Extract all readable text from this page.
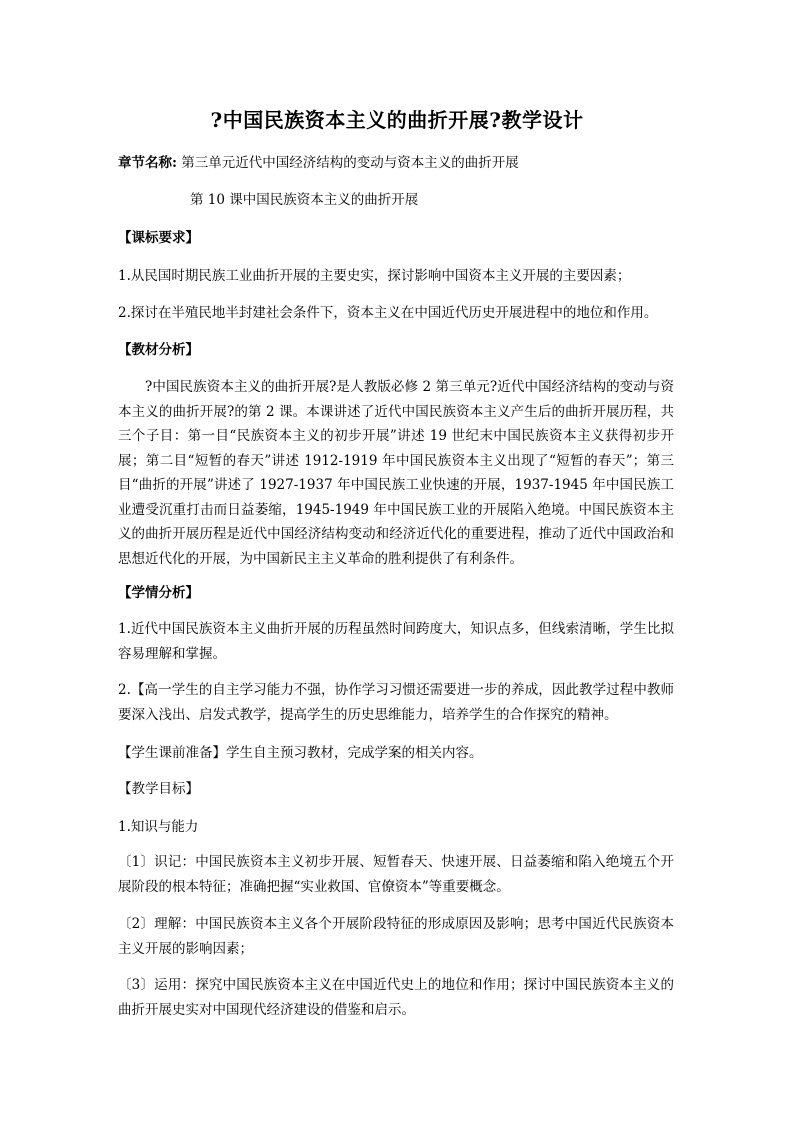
?中国民族资本主义的曲折开展?教学设计
章节名称: 第三单元近代中国经济结构的变动与资本主义的曲折开展
第 10 课中国民族资本主义的曲折开展
【课标要求】
1.从民国时期民族工业曲折开展的主要史实，探讨影响中国资本主义开展的主要因素；
2.探讨在半殖民地半封建社会条件下，资本主义在中国近代历史开展进程中的地位和作用。
【教材分析】
?中国民族资本主义的曲折开展?是人教版必修 2 第三单元?近代中国经济结构的变动与资本主义的曲折开展?的第 2 课。本课讲述了近代中国民族资本主义产生后的曲折开展历程，共三个子目：第一目“民族资本主义的初步开展”讲述 19 世纪末中国民族资本主义获得初步开展；第二目“短暂的春天”讲述 1912-1919 年中国民族资本主义出现了“短暂的春天”；第三目“曲折的开展”讲述了 1927-1937 年中国民族工业快速的开展，1937-1945 年中国民族工业遭受沉重打击而日益萎缩，1945-1949 年中国民族工业的开展陷入绝境。中国民族资本主义的曲折开展历程是近代中国经济结构变动和经济近代化的重要进程，推动了近代中国政治和思想近代化的开展，为中国新民主主义革命的胜利提供了有利条件。
【学情分析】
1.近代中国民族资本主义曲折开展的历程虽然时间跨度大，知识点多，但线索清晰，学生比拟容易理解和掌握。
2.【高一学生的自主学习能力不强，协作学习习惯还需要进一步的养成，因此教学过程中教师要深入浅出、启发式教学，提高学生的历史思维能力，培养学生的合作探究的精神。
【学生课前准备】学生自主预习教材，完成学案的相关内容。
【教学目标】
1.知识与能力
〔1〕识记：中国民族资本主义初步开展、短暂春天、快速开展、日益萎缩和陷入绝境五个开展阶段的根本特征；准确把握“实业救国、官僚资本”等重要概念。
〔2〕理解：中国民族资本主义各个开展阶段特征的形成原因及影响；思考中国近代民族资本主义开展的影响因素；
〔3〕运用：探究中国民族资本主义在中国近代史上的地位和作用；探讨中国民族资本主义的曲折开展史实对中国现代经济建设的借鉴和启示。
